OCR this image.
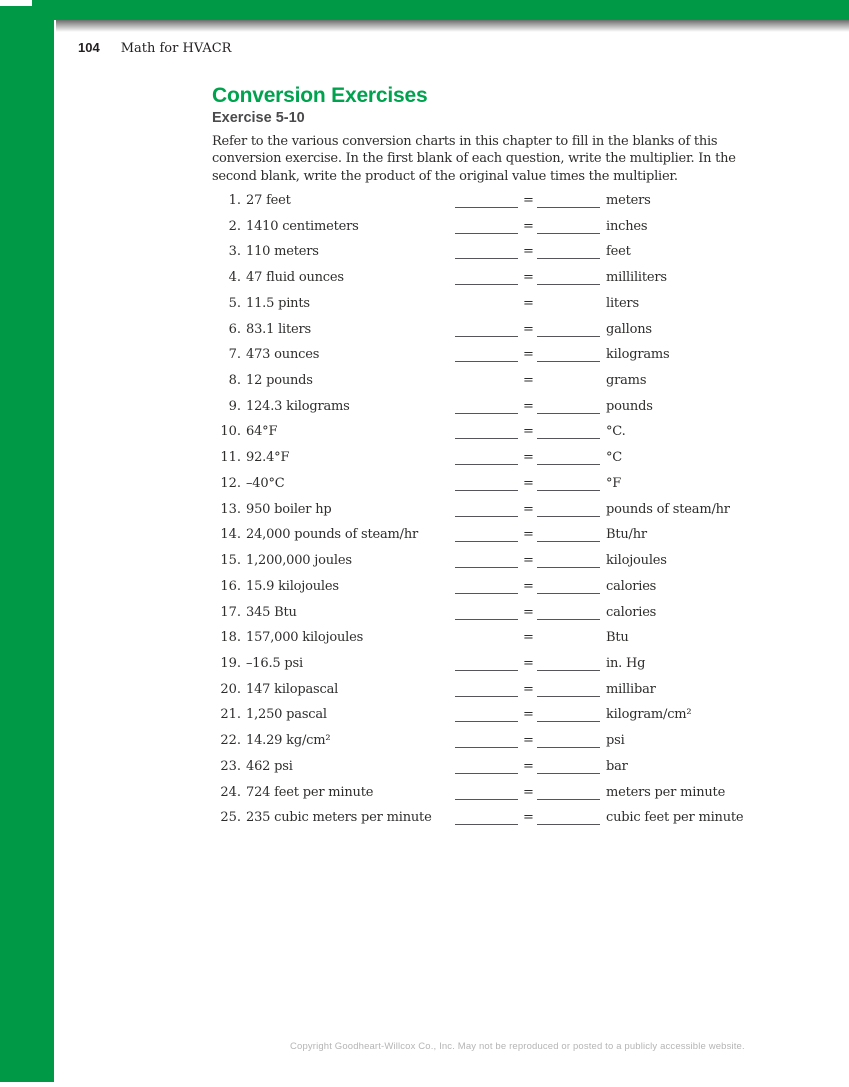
104 Math for HVACR
Conversion Exercises
Exercise 5-10
Refer to the various conversion charts in this chapter to fill in the blanks of this
conversion exercise. In the first blank of each question, write the multiplier. In the
second blank, write the product of the original value times the multiplier.
1. 27 feet	=	meters
2. 1410 centimeters	=	inches
3. 110 meters	=	feet
4. 47 fluid ounces	=	milliliters
5. 11.5 pints	=	liters
6. 83.1 liters	=	gallons
7. 473 ounces	=	kilograms
8. 12 pounds	=	grams
9. 124.3 kilograms	=	pounds
10. 64°F	=	°C.
11. 92.4°F	=	°C
12. –40°C	=	°F
13. 950 boiler hp	=	pounds of steam/hr
14. 24,000 pounds of steam/hr	=	Btu/hr
15. 1,200,000 joules	=	kilojoules
16. 15.9 kilojoules	=	calories
17. 345 Btu	=	calories
18. 157,000 kilojoules	=	Btu
19. –16.5 psi	=	in. Hg
20. 147 kilopascal	=	millibar
21. 1,250 pascal	=	kilogram/cm²
22. 14.29 kg/cm²	=	psi
23. 462 psi	=	bar
24. 724 feet per minute	=	meters per minute
25. 235 cubic meters per minute	=	cubic feet per minute
Copyright Goodheart-Willcox Co., Inc. May not be reproduced or posted to a publicly accessible website.
